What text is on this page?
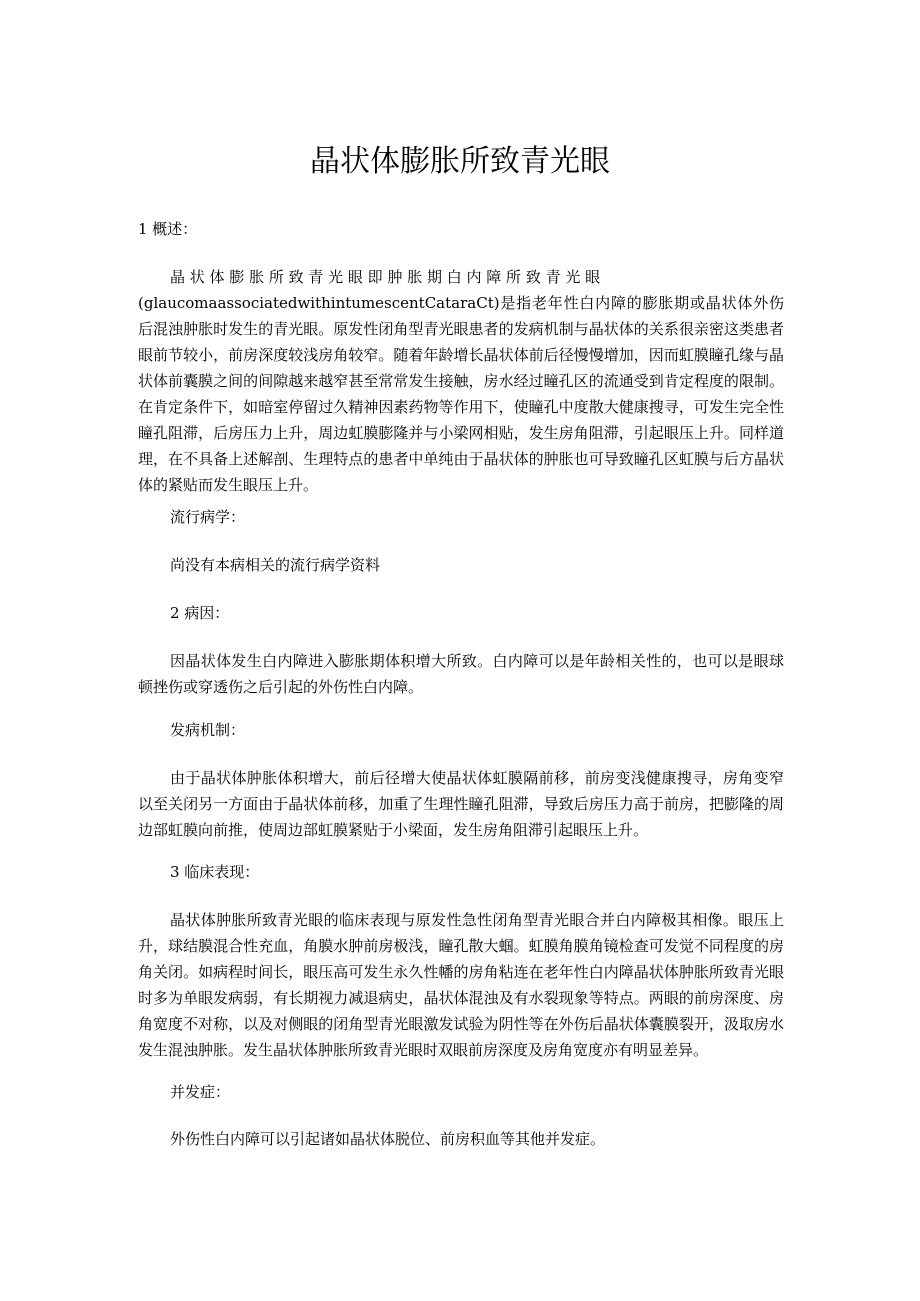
晶状体膨胀所致青光眼

1 概述：

晶 状 体 膨 胀 所 致 青 光 眼 即 肿 胀 期 白 内 障 所 致 青 光 眼

(glaucomaassociatedwithintumescentCataraCt)是指老年性白内障的膨胀期或晶状体外伤后混浊肿胀时发生的青光眼。原发性闭角型青光眼患者的发病机制与晶状体的关系很亲密这类患者眼前节较小，前房深度较浅房角较窄。随着年龄增长晶状体前后径慢慢增加，因而虹膜瞳孔缘与晶状体前囊膜之间的间隙越来越窄甚至常常发生接触，房水经过瞳孔区的流通受到肯定程度的限制。在肯定条件下，如暗室停留过久精神因素药物等作用下，使瞳孔中度散大健康搜寻，可发生完全性瞳孔阻滞，后房压力上升，周边虹膜膨隆并与小梁网相贴，发生房角阻滞，引起眼压上升。同样道理，在不具备上述解剖、生理特点的患者中单纯由于晶状体的肿胀也可导致瞳孔区虹膜与后方晶状体的紧贴而发生眼压上升。

流行病学：

尚没有本病相关的流行病学资料

2 病因：

因晶状体发生白内障进入膨胀期体积增大所致。白内障可以是年龄相关性的，也可以是眼球顿挫伤或穿透伤之后引起的外伤性白内障。

发病机制：

由于晶状体肿胀体积增大，前后径增大使晶状体虹膜隔前移，前房变浅健康搜寻，房角变窄以至关闭另一方面由于晶状体前移，加重了生理性瞳孔阻滞，导致后房压力高于前房，把膨隆的周边部虹膜向前推，使周边部虹膜紧贴于小梁面，发生房角阻滞引起眼压上升。

3 临床表现：

晶状体肿胀所致青光眼的临床表现与原发性急性闭角型青光眼合并白内障极其相像。眼压上升，球结膜混合性充血，角膜水肿前房极浅，瞳孔散大蝈。虹膜角膜角镜检查可发觉不同程度的房角关闭。如病程时间长，眼压高可发生永久性幡的房角粘连在老年性白内障晶状体肿胀所致青光眼时多为单眼发病弱，有长期视力减退病史，晶状体混浊及有水裂现象等特点。两眼的前房深度、房角宽度不对称，以及对侧眼的闭角型青光眼激发试验为阴性等在外伤后晶状体囊膜裂开，汲取房水发生混浊肿胀。发生晶状体肿胀所致青光眼时双眼前房深度及房角宽度亦有明显差异。

并发症：

外伤性白内障可以引起诸如晶状体脱位、前房积血等其他并发症。
